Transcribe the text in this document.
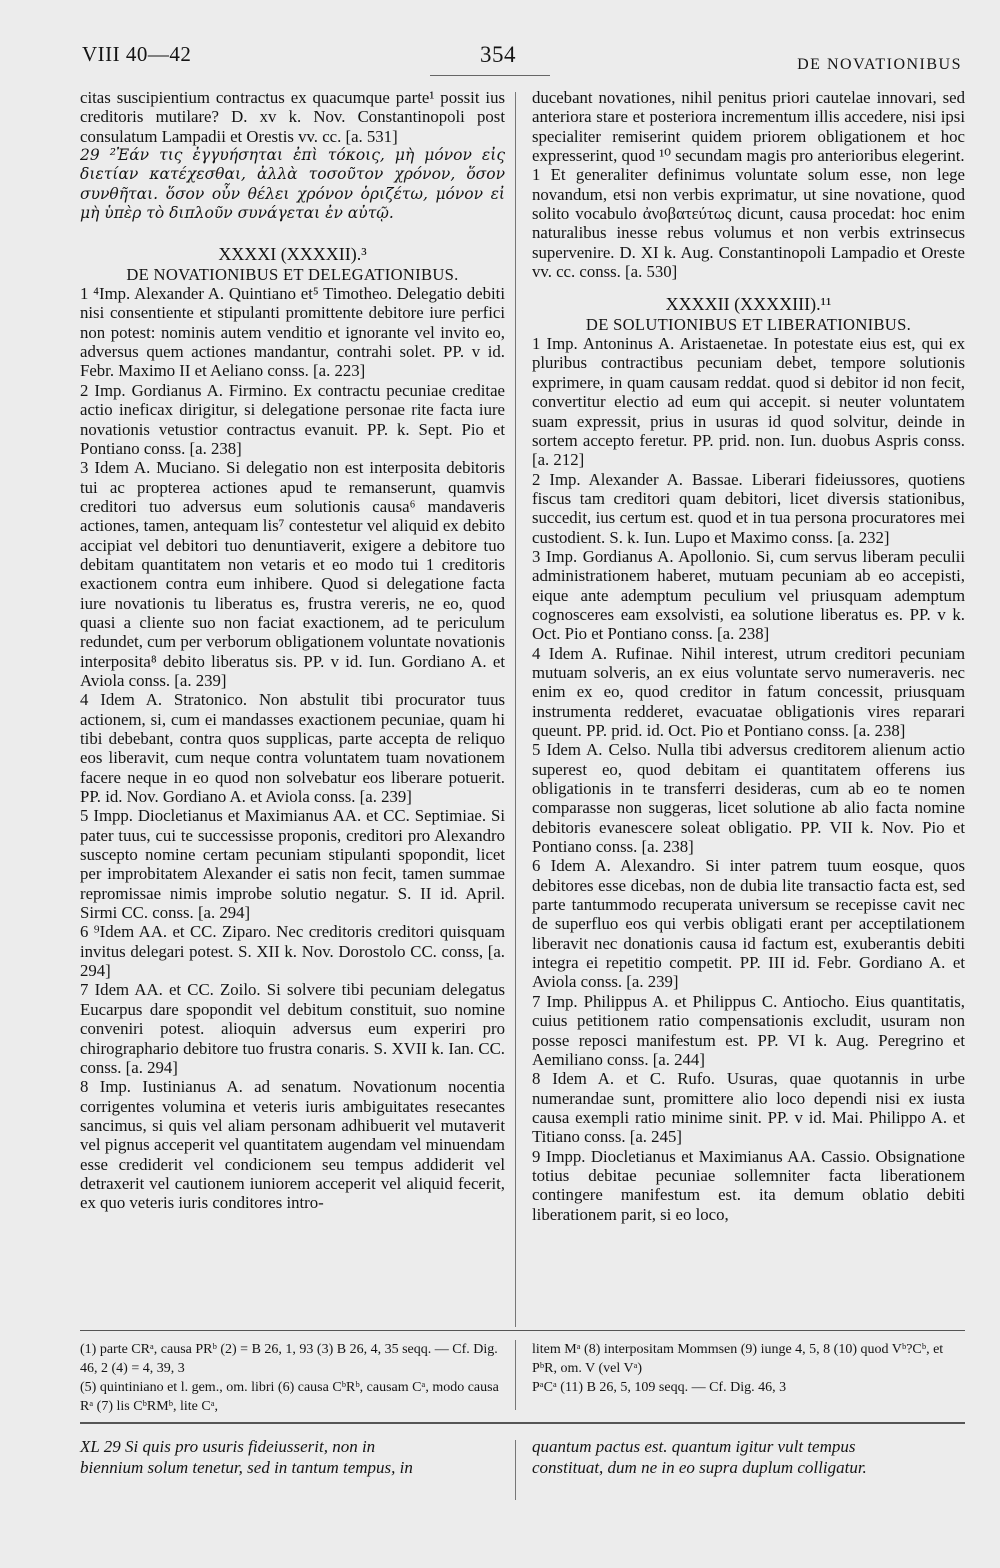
VIII 40—42	354	DE NOVATIONIBUS

citas suscipientium contractus ex quacumque parte¹ possit ius creditoris mutilare? D. xv k. Nov. Constantinopoli post consulatum Lampadii et Orestis vv. cc. [a. 531]

29 ²Ἐάν τις ἐγγυήσηται ἐπὶ τόκοις, μὴ μόνον εἰς διετίαν κατέχεσθαι, ἀλλὰ τοσοῦτον χρόνον, ὅσον συνθῆται. ὅσον οὖν θέλει χρόνον ὁριζέτω, μόνον εἰ μὴ ὑπὲρ τὸ διπλοῦν συνάγεται ἐν αὐτῷ.

XXXXI (XXXXII).³

DE NOVATIONIBUS ET DELEGATIONIBUS.

1 ⁴Imp. Alexander A. Quintiano et⁵ Timotheo. Delegatio debiti nisi consentiente et stipulanti promittente debitore iure perfici non potest: nominis autem venditio et ignorante vel invito eo, adversus quem actiones mandantur, contrahi solet. PP. v id. Febr. Maximo II et Aeliano conss. [a. 223]

2 Imp. Gordianus A. Firmino. Ex contractu pecuniae creditae actio ineficax dirigitur, si delegatione personae rite facta iure novationis vetustior contractus evanuit. PP. k. Sept. Pio et Pontiano conss. [a. 238]

3 Idem A. Muciano. Si delegatio non est interposita debitoris tui ac propterea actiones apud te remanserunt, quamvis creditori tuo adversus eum solutionis causa⁶ mandaveris actiones, tamen, antequam lis⁷ contestetur vel aliquid ex debito accipiat vel debitori tuo denuntiaverit, exigere a debitore tuo debitam quantitatem non vetaris et eo modo tui 1 creditoris exactionem contra eum inhibere. Quod si delegatione facta iure novationis tu liberatus es, frustra vereris, ne eo, quod quasi a cliente suo non faciat exactionem, ad te periculum redundet, cum per verborum obligationem voluntate novationis interposita⁸ debito liberatus sis. PP. v id. Iun. Gordiano A. et Aviola conss. [a. 239]

4 Idem A. Stratonico. Non abstulit tibi procurator tuus actionem, si, cum ei mandasses exactionem pecuniae, quam hi tibi debebant, contra quos supplicas, parte accepta de reliquo eos liberavit, cum neque contra voluntatem tuam novationem facere neque in eo quod non solvebatur eos liberare potuerit. PP. id. Nov. Gordiano A. et Aviola conss. [a. 239]

5 Impp. Diocletianus et Maximianus AA. et CC. Septimiae. Si pater tuus, cui te successisse proponis, creditori pro Alexandro suscepto nomine certam pecuniam stipulanti spopondit, licet per improbitatem Alexander ei satis non fecit, tamen summae repromissae nimis improbe solutio negatur. S. II id. April. Sirmi CC. conss. [a. 294]

6 ⁹Idem AA. et CC. Ziparo. Nec creditoris creditori quisquam invitus delegari potest. S. XII k. Nov. Dorostolo CC. conss, [a. 294]

7 Idem AA. et CC. Zoilo. Si solvere tibi pecuniam delegatus Eucarpus dare spopondit vel debitum constituit, suo nomine conveniri potest. alioquin adversus eum experiri pro chirographario debitore tuo frustra conaris. S. XVII k. Ian. CC. conss. [a. 294]

8 Imp. Iustinianus A. ad senatum. Novationum nocentia corrigentes volumina et veteris iuris ambiguitates resecantes sancimus, si quis vel aliam personam adhibuerit vel mutaverit vel pignus acceperit vel quantitatem augendam vel minuendam esse crediderit vel condicionem seu tempus addiderit vel detraxerit vel cautionem iuniorem acceperit vel aliquid fecerit, ex quo veteris iuris conditores intro-

ducebant novationes, nihil penitus priori cautelae innovari, sed anteriora stare et posteriora incrementum illis accedere, nisi ipsi specialiter remiserint quidem priorem obligationem et hoc expresserint, quod ¹⁰ secundam magis pro anterioribus elegerint.

1 Et generaliter definimus voluntate solum esse, non lege novandum, etsi non verbis exprimatur, ut sine novatione, quod solito vocabulo ἀνοβατεύτως dicunt, causa procedat: hoc enim naturalibus inesse rebus volumus et non verbis extrinsecus supervenire. D. XI k. Aug. Constantinopoli Lampadio et Oreste vv. cc. conss. [a. 530]

XXXXII (XXXXIII).¹¹

DE SOLUTIONIBUS ET LIBERATIONIBUS.

1 Imp. Antoninus A. Aristaenetae. In potestate eius est, qui ex pluribus contractibus pecuniam debet, tempore solutionis exprimere, in quam causam reddat. quod si debitor id non fecit, convertitur electio ad eum qui accepit. si neuter voluntatem suam expressit, prius in usuras id quod solvitur, deinde in sortem accepto feretur. PP. prid. non. Iun. duobus Aspris conss. [a. 212]

2 Imp. Alexander A. Bassae. Liberari fideiussores, quotiens fiscus tam creditori quam debitori, licet diversis stationibus, succedit, ius certum est. quod et in tua persona procuratores mei custodient. S. k. Iun. Lupo et Maximo conss. [a. 232]

3 Imp. Gordianus A. Apollonio. Si, cum servus liberam peculii administrationem haberet, mutuam pecuniam ab eo accepisti, eique ante ademptum peculium vel priusquam ademptum cognosceres eam exsolvisti, ea solutione liberatus es. PP. v k. Oct. Pio et Pontiano conss. [a. 238]

4 Idem A. Rufinae. Nihil interest, utrum creditori pecuniam mutuam solveris, an ex eius voluntate servo numeraveris. nec enim ex eo, quod creditor in fatum concessit, priusquam instrumenta redderet, evacuatae obligationis vires reparari queunt. PP. prid. id. Oct. Pio et Pontiano conss. [a. 238]

5 Idem A. Celso. Nulla tibi adversus creditorem alienum actio superest eo, quod debitam ei quantitatem offerens ius obligationis in te transferri desideras, cum ab eo te nomen comparasse non suggeras, licet solutione ab alio facta nomine debitoris evanescere soleat obligatio. PP. VII k. Nov. Pio et Pontiano conss. [a. 238]

6 Idem A. Alexandro. Si inter patrem tuum eosque, quos debitores esse dicebas, non de dubia lite transactio facta est, sed parte tantummodo recuperata universum se recepisse cavit nec de superfluo eos qui verbis obligati erant per acceptilationem liberavit nec donationis causa id factum est, exuberantis debiti integra ei repetitio competit. PP. III id. Febr. Gordiano A. et Aviola conss. [a. 239]

7 Imp. Philippus A. et Philippus C. Antiocho. Eius quantitatis, cuius petitionem ratio compensationis excludit, usuram non posse reposci manifestum est. PP. VI k. Aug. Peregrino et Aemiliano conss. [a. 244]

8 Idem A. et C. Rufo. Usuras, quae quotannis in urbe numerandae sunt, promittere alio loco dependi nisi ex iusta causa exempli ratio minime sinit. PP. v id. Mai. Philippo A. et Titiano conss. [a. 245]

9 Impp. Diocletianus et Maximianus AA. Cassio. Obsignatione totius debitae pecuniae sollemniter facta liberationem contingere manifestum est. ita demum oblatio debiti liberationem parit, si eo loco,

(1) parte CRᵃ, causa PRᵇ (2) = B 26, 1, 93 (3) B 26, 4, 35 seqq. — Cf. Dig. 46, 2 (4) = 4, 39, 3

(5) quintiniano et l. gem., om. libri (6) causa CᵇRᵇ, causam Cᵃ, modo causa Rᵃ (7) lis CᵇRMᵇ, lite Cᵃ,

litem Mᵃ (8) interpositam Mommsen (9) iunge 4, 5, 8 (10) quod Vᵇ?Cᵇ, et PᵇR, om. V (vel Vᵃ)

PᵃCᵃ (11) B 26, 5, 109 seqq. — Cf. Dig. 46, 3

XL 29 Si quis pro usuris fideiusserit, non in

biennium solum tenetur, sed in tantum tempus, in

quantum pactus est. quantum igitur vult tempus

constituat, dum ne in eo supra duplum colligatur.
